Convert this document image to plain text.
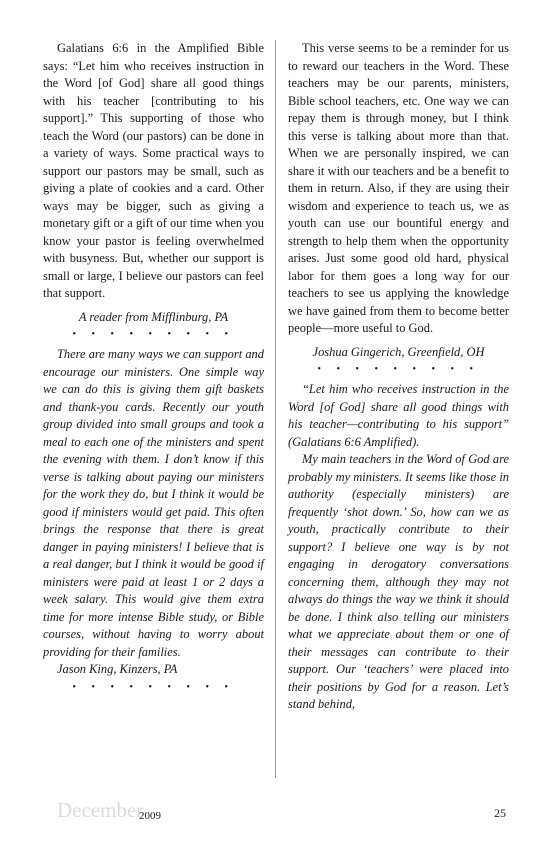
Galatians 6:6 in the Amplified Bible says: “Let him who receives instruction in the Word [of God] share all good things with his teacher [contributing to his support].” This supporting of those who teach the Word (our pastors) can be done in a variety of ways. Some practical ways to support our pastors may be small, such as giving a plate of cookies and a card. Other ways may be bigger, such as giving a monetary gift or a gift of our time when you know your pastor is feeling overwhelmed with busyness. But, whether our support is small or large, I believe our pastors can feel that support.

A reader from Mifflinburg, PA
• • • • • • • • •

There are many ways we can support and encourage our ministers. One simple way we can do this is giving them gift baskets and thank-you cards. Recently our youth group divided into small groups and took a meal to each one of the ministers and spent the evening with them. I don’t know if this verse is talking about paying our ministers for the work they do, but I think it would be good if ministers would get paid. This often brings the response that there is great danger in paying ministers! I believe that is a real danger, but I think it would be good if ministers were paid at least 1 or 2 days a week salary. This would give them extra time for more intense Bible study, or Bible courses, without having to worry about providing for their families.

Jason King, Kinzers, PA
• • • • • • • • •

This verse seems to be a reminder for us to reward our teachers in the Word. These teachers may be our parents, ministers, Bible school teachers, etc. One way we can repay them is through money, but I think this verse is talking about more than that. When we are personally inspired, we can share it with our teachers and be a benefit to them in return. Also, if they are using their wisdom and experience to teach us, we as youth can use our bountiful energy and strength to help them when the opportunity arises. Just some good old hard, physical labor for them goes a long way for our teachers to see us applying the knowledge we have gained from them to become better people—more useful to God.

Joshua Gingerich, Greenfield, OH
• • • • • • • • •

“Let him who receives instruction in the Word [of God] share all good things with his teacher—contributing to his support” (Galatians 6:6 Amplified).

My main teachers in the Word of God are probably my ministers. It seems like those in authority (especially ministers) are frequently ‘shot down.’ So, how can we as youth, practically contribute to their support? I believe one way is by not engaging in derogatory conversations concerning them, although they may not always do things the way we think it should be done. I think also telling our ministers what we appreciate about them or one of their messages can contribute to their support. Our ‘teachers’ were placed into their positions by God for a reason. Let’s stand behind,

December
2009	25
